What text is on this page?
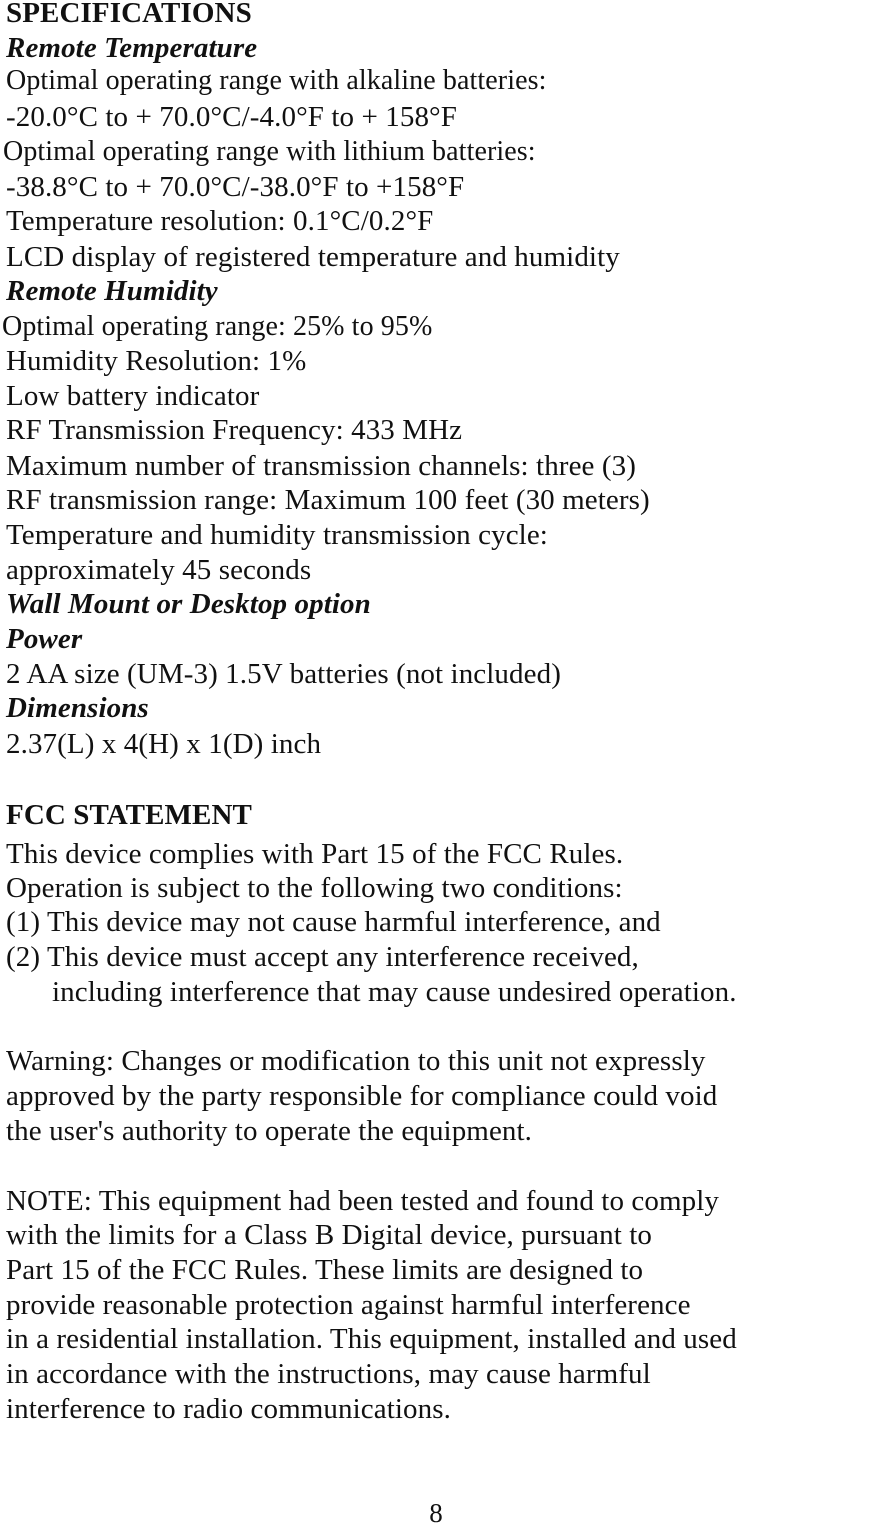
SPECIFICATIONS
Remote Temperature
Optimal operating range with alkaline batteries:
-20.0°C to + 70.0°C/-4.0°F to + 158°F
Optimal operating range with lithium batteries:
-38.8°C to + 70.0°C/-38.0°F to +158°F
Temperature resolution: 0.1°C/0.2°F
LCD display of registered temperature and humidity
Remote Humidity
Optimal operating range: 25% to 95%
Humidity Resolution: 1%
Low battery indicator
RF Transmission Frequency: 433 MHz
Maximum number of transmission channels: three (3)
RF transmission range: Maximum 100 feet (30 meters)
Temperature and humidity transmission cycle:
approximately 45 seconds
Wall Mount or Desktop option
Power
2 AA size (UM-3) 1.5V batteries (not included)
Dimensions
2.37(L) x 4(H) x 1(D) inch
FCC STATEMENT
This device complies with Part 15 of the FCC Rules.
Operation is subject to the following two conditions:
(1) This device may not cause harmful interference, and
(2) This device must accept any interference received,
including interference that may cause undesired operation.
Warning: Changes or modification to this unit not expressly
approved by the party responsible for compliance could void
the user's authority to operate the equipment.
NOTE: This equipment had been tested and found to comply
with the limits for a Class B Digital device, pursuant to
Part 15 of the FCC Rules. These limits are designed to
provide reasonable protection against harmful interference
in a residential installation. This equipment, installed and used
in accordance with the instructions, may cause harmful
interference to radio communications.
8
